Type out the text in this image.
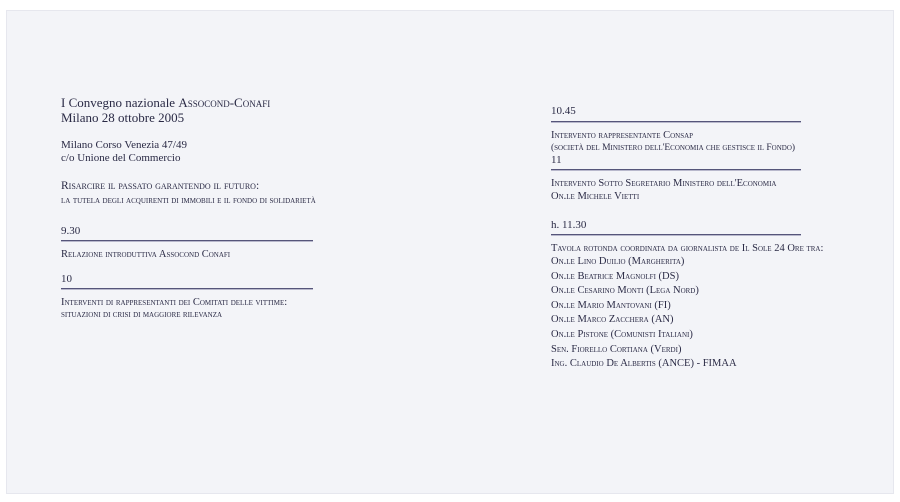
I Convegno nazionale Assocond-Conafi
Milano 28 ottobre 2005
Milano Corso Venezia 47/49
c/o Unione del Commercio
Risarcire il passato garantendo il futuro:
la tutela degli acquirenti di immobili e il fondo di solidarietà
9.30
Relazione introduttiva Assocond Conafi
10
Interventi di rappresentanti dei Comitati delle vittime:
situazioni di crisi di maggiore rilevanza
10.45
Intervento rappresentante Consap
(società del Ministero dell'Economia che gestisce il Fondo)
11
Intervento Sotto Segretario Ministero dell'Economia
On.le Michele Vietti
h. 11.30
Tavola rotonda coordinata da giornalista de Il Sole 24 Ore tra:
On.le Lino Duilio (Margherita)
On.le Beatrice Magnolfi (DS)
On.le Cesarino Monti (Lega Nord)
On.le Mario Mantovani (FI)
On.le Marco Zacchera (AN)
On.le Pistone (Comunisti Italiani)
Sen. Fiorello Cortiana (Verdi)
Ing. Claudio De Albertis (ANCE) - FIMAA
